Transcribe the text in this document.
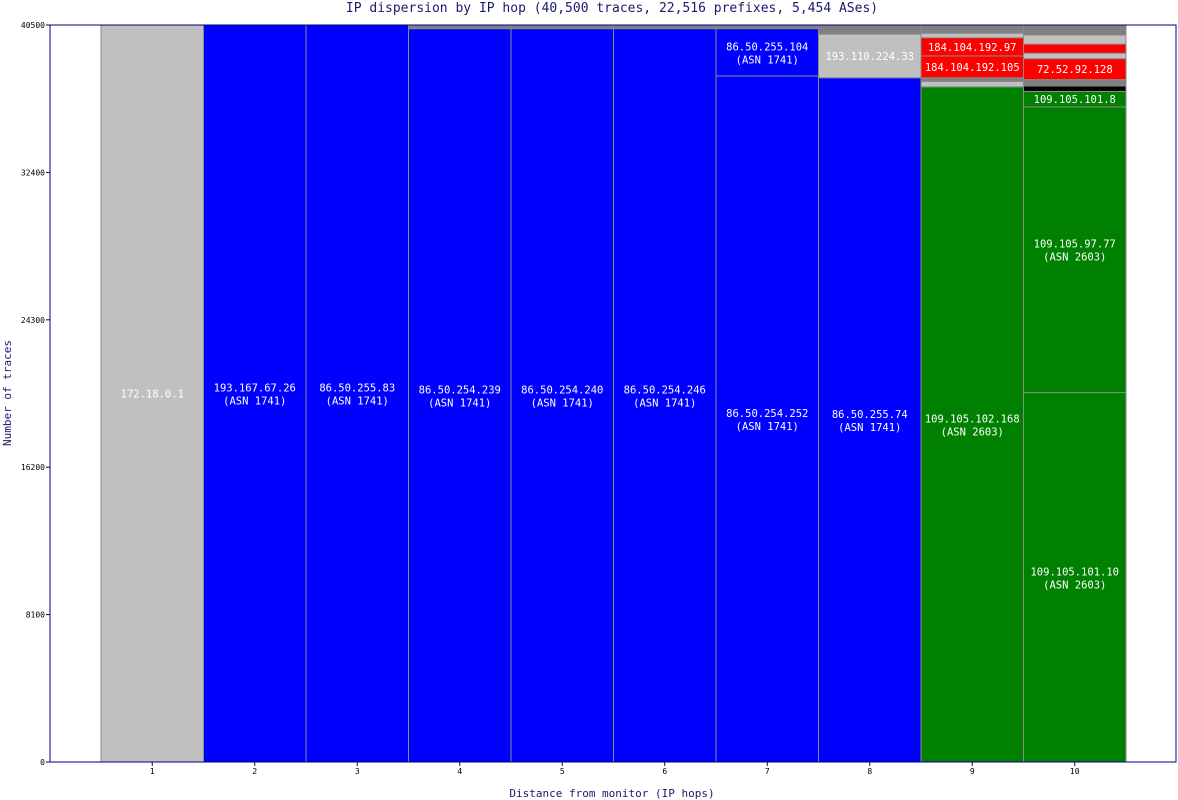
IP dispersion by IP hop (40,500 traces, 22,516 prefixes, 5,454 ASes)
172.18.0.1	193.167.67.26
(ASN 1741)
86.50.255.83
(ASN 1741)
86.50.254.239
(ASN 1741)
86.50.254.240
(ASN 1741)
86.50.254.246
(ASN 1741)
86.50.254.252
(ASN 1741)
86.50.255.104
(ASN 1741)
86.50.255.74
(ASN 1741)
193.110.224.33
109.105.102.168
(ASN 2603)
184.104.192.105
184.104.192.97
109.105.101.10
(ASN 2603)
109.105.97.77
(ASN 2603)
109.105.101.8
72.52.92.128
0
8100
16200
24300
32400
40500
1	2	3	4	5	6	7	8	9	10
Distance from monitor (IP hops)
Number of traces
